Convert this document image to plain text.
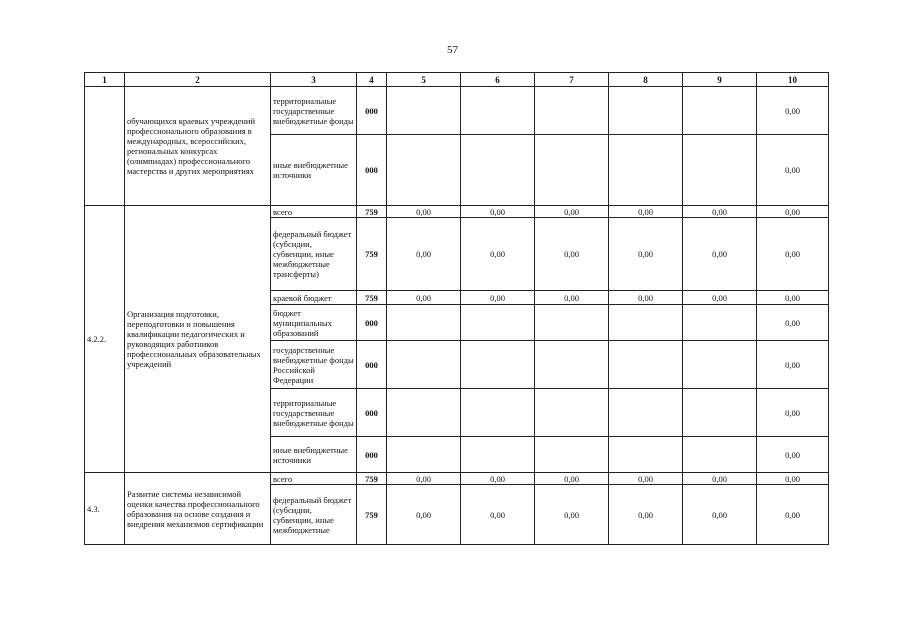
57
1	2	3	4	5	6	7	8	9	10
	обучающихся краевых учреждений профессионального образования в международных, всероссийских, региональных конкурсах (олимпиадах) профессионального мастерства и других мероприятиях	территориальные государственные внебюджетные фонды	000						0,00
		иные внебюджетные источники	000						0,00
4.2.2.	Организация подготовки, переподготовки и повышения квалификации педагогических и руководящих работников профессиональных образовательных учреждений	всего	759	0,00	0,00	0,00	0,00	0,00	0,00
		федеральный бюджет (субсидии, субвенции, иные межбюджетные трансферты)	759	0,00	0,00	0,00	0,00	0,00	0,00
		краевой бюджет	759	0,00	0,00	0,00	0,00	0,00	0,00
		бюджет муниципальных образований	000						0,00
		государственные внебюджетные фонды Российской Федерации	000						0,00
		территориальные государственные внебюджетные фонды	000						0,00
		иные внебюджетные источники	000						0,00
4.3.	Развитие системы независимой оценки качества профессионального образования на основе создания и внедрения механизмов сертификации	всего	759	0,00	0,00	0,00	0,00	0,00	0,00
		федеральный бюджет (субсидии, субвенции, иные межбюджетные	759	0,00	0,00	0,00	0,00	0,00	0,00
